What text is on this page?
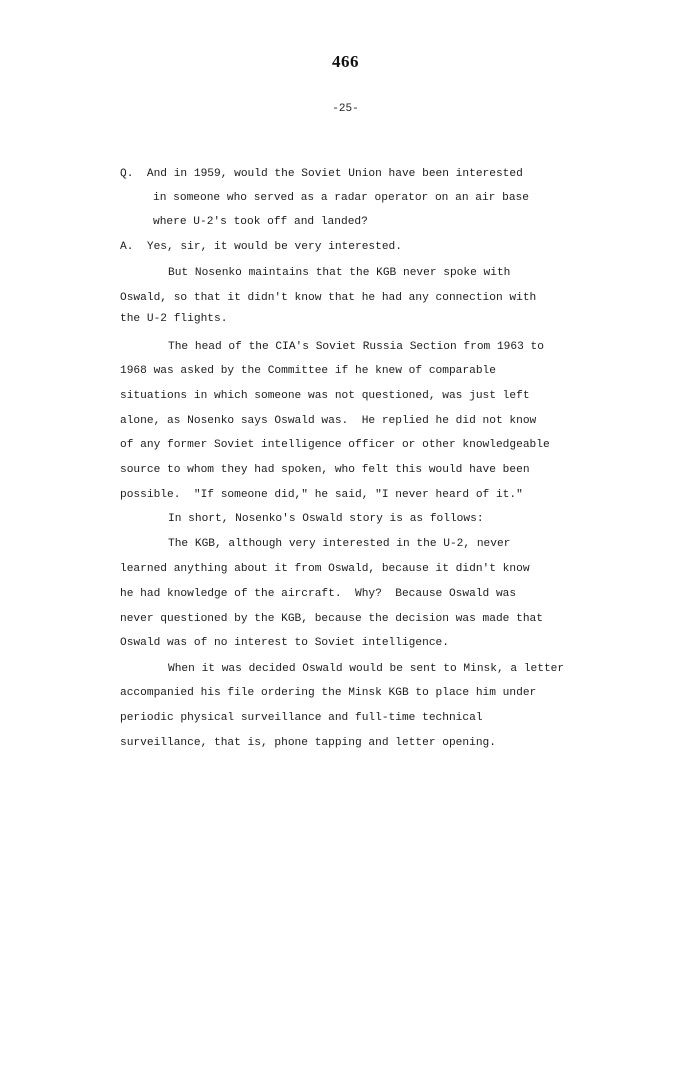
466
-25-
Q.  And in 1959, would the Soviet Union have been interested
in someone who served as a radar operator on an air base
where U-2's took off and landed?
A.  Yes, sir, it would be very interested.
But Nosenko maintains that the KGB never spoke with
Oswald, so that it didn't know that he had any connection with
the U-2 flights.
The head of the CIA's Soviet Russia Section from 1963 to
1968 was asked by the Committee if he knew of comparable
situations in which someone was not questioned, was just left
alone, as Nosenko says Oswald was.  He replied he did not know
of any former Soviet intelligence officer or other knowledgeable
source to whom they had spoken, who felt this would have been
possible.  "If someone did," he said, "I never heard of it."
In short, Nosenko's Oswald story is as follows:
The KGB, although very interested in the U-2, never
learned anything about it from Oswald, because it didn't know
he had knowledge of the aircraft.  Why?  Because Oswald was
never questioned by the KGB, because the decision was made that
Oswald was of no interest to Soviet intelligence.
When it was decided Oswald would be sent to Minsk, a letter
accompanied his file ordering the Minsk KGB to place him under
periodic physical surveillance and full-time technical
surveillance, that is, phone tapping and letter opening.
